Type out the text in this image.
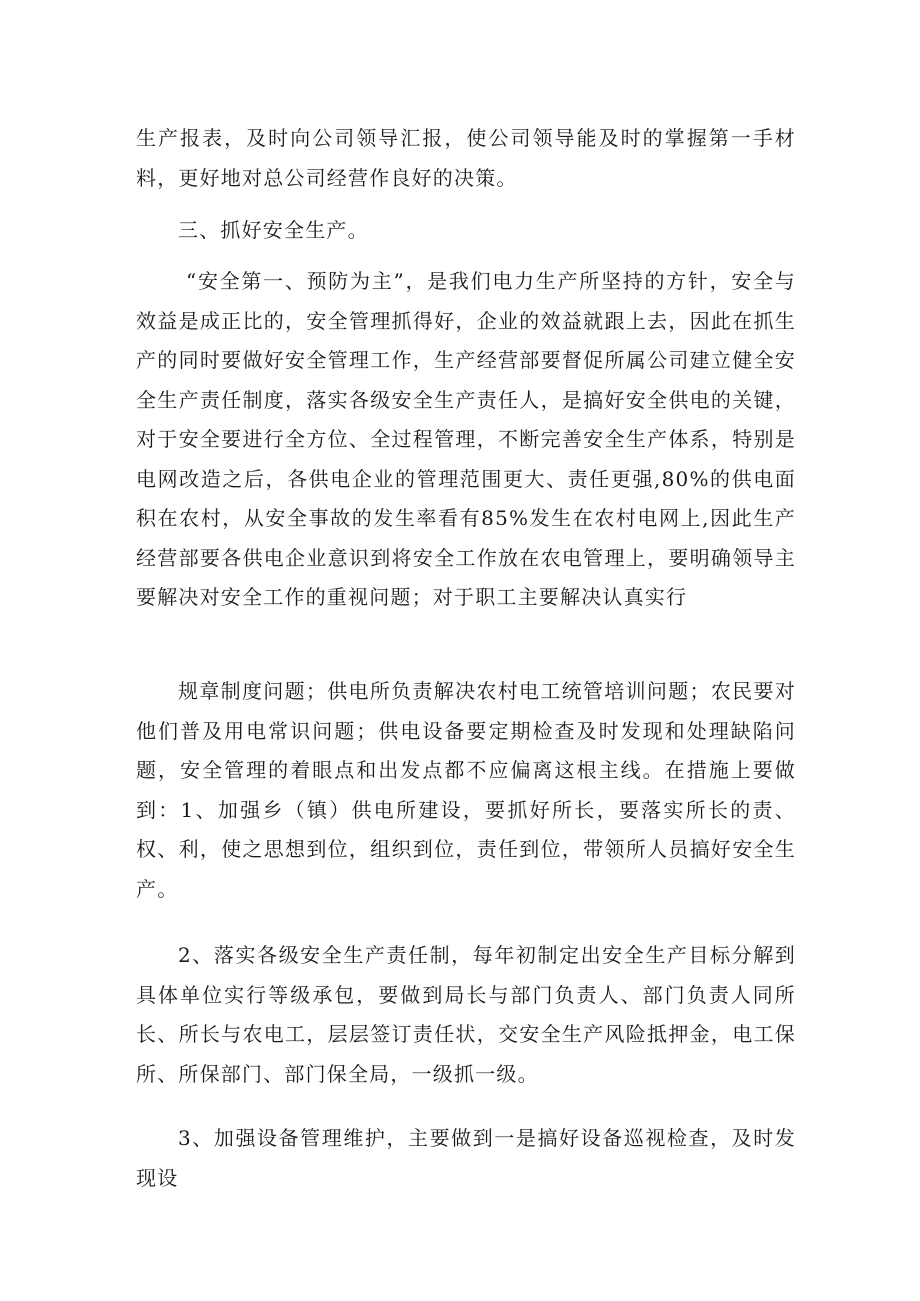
生产报表，及时向公司领导汇报，使公司领导能及时的掌握第一手材料，更好地对总公司经营作良好的决策。

三、抓好安全生产。

“安全第一、预防为主”，是我们电力生产所坚持的方针，安全与效益是成正比的，安全管理抓得好，企业的效益就跟上去，因此在抓生产的同时要做好安全管理工作，生产经营部要督促所属公司建立健全安全生产责任制度，落实各级安全生产责任人，是搞好安全供电的关键，对于安全要进行全方位、全过程管理，不断完善安全生产体系，特别是电网改造之后，各供电企业的管理范围更大、责任更强,80%的供电面积在农村，从安全事故的发生率看有85%发生在农村电网上,因此生产经营部要各供电企业意识到将安全工作放在农电管理上，要明确领导主要解决对安全工作的重视问题；对于职工主要解决认真实行

规章制度问题；供电所负责解决农村电工统管培训问题；农民要对他们普及用电常识问题；供电设备要定期检查及时发现和处理缺陷问题，安全管理的着眼点和出发点都不应偏离这根主线。在措施上要做到：1、加强乡（镇）供电所建设，要抓好所长，要落实所长的责、权、利，使之思想到位，组织到位，责任到位，带领所人员搞好安全生产。

2、落实各级安全生产责任制，每年初制定出安全生产目标分解到具体单位实行等级承包，要做到局长与部门负责人、部门负责人同所长、所长与农电工，层层签订责任状，交安全生产风险抵押金，电工保所、所保部门、部门保全局，一级抓一级。

3、加强设备管理维护，主要做到一是搞好设备巡视检查，及时发现设
